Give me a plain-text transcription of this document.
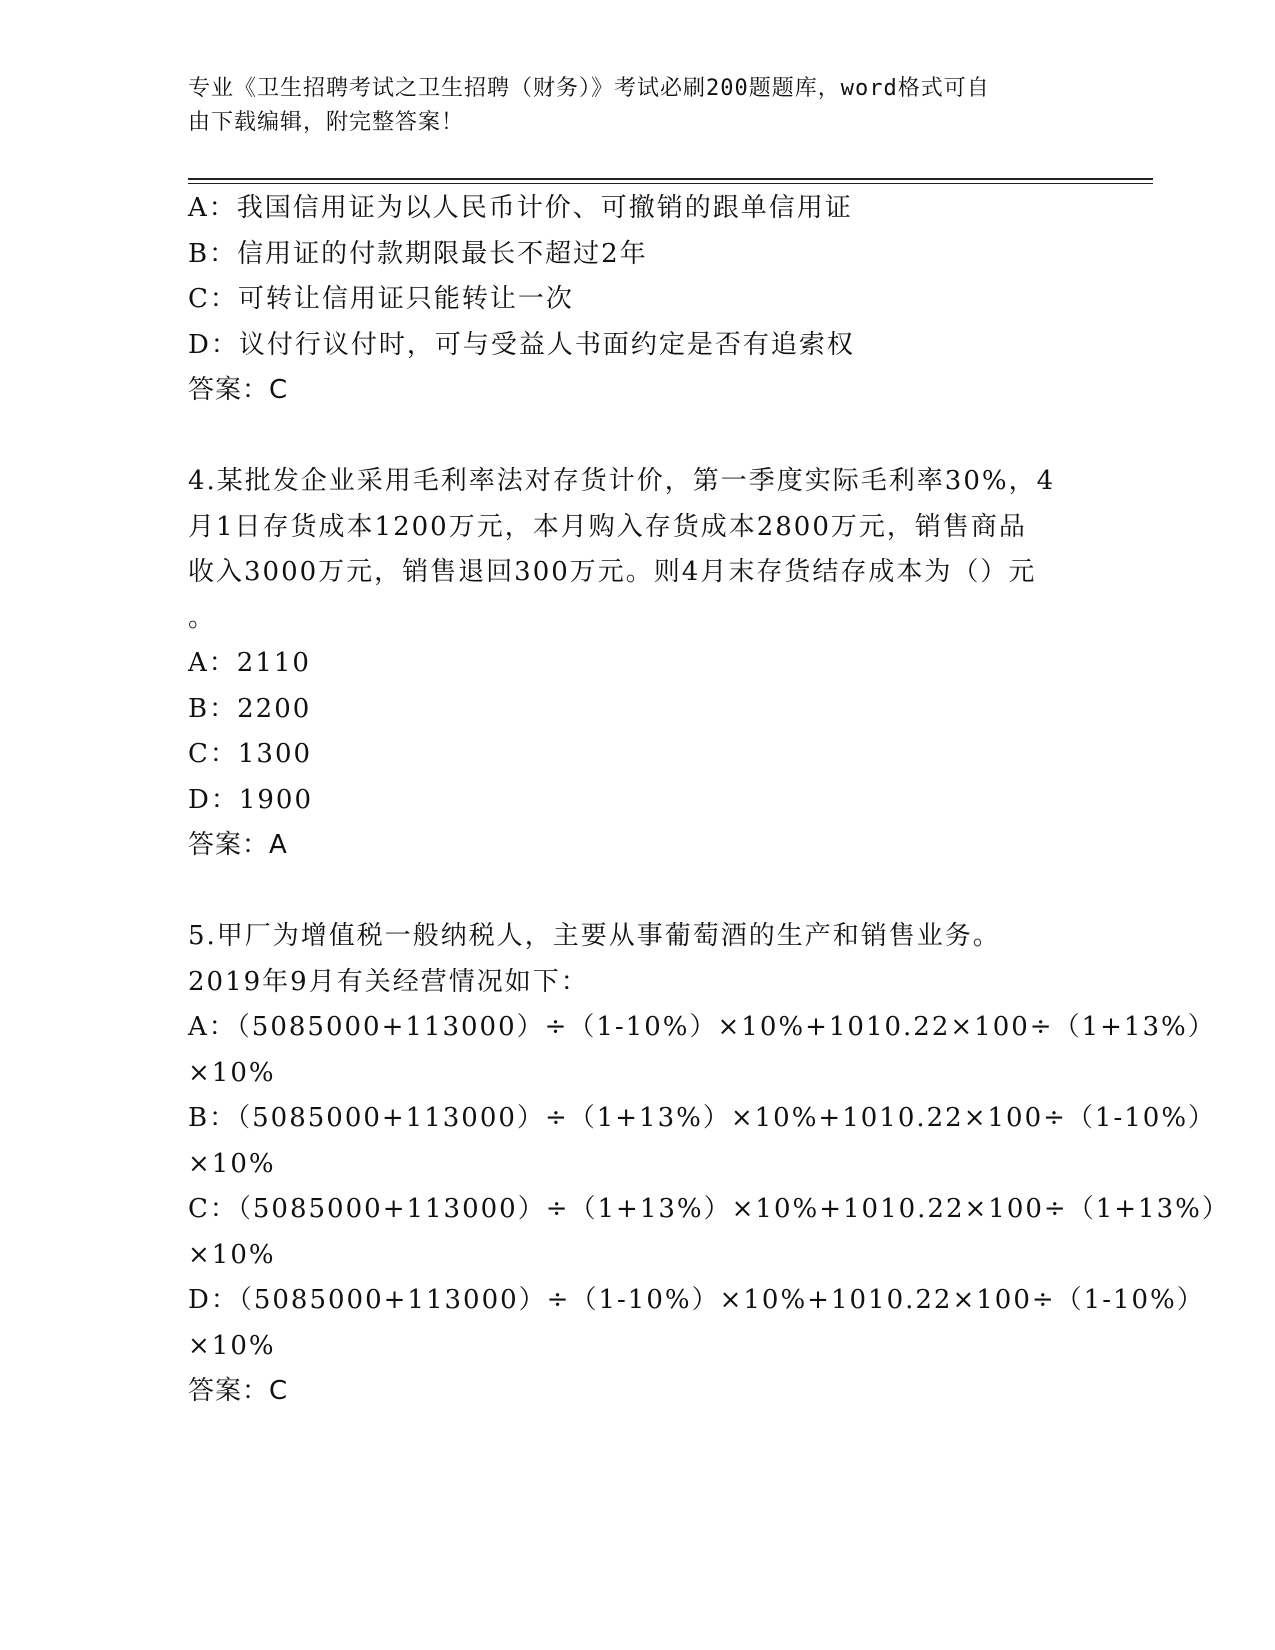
专业《卫生招聘考试之卫生招聘（财务）》考试必刷200题题库，word格式可自
由下载编辑，附完整答案！
A：我国信用证为以人民币计价、可撤销的跟单信用证
B：信用证的付款期限最长不超过2年
C：可转让信用证只能转让一次
D：议付行议付时，可与受益人书面约定是否有追索权
答案：C
4.某批发企业采用毛利率法对存货计价，第一季度实际毛利率30%，4
月1日存货成本1200万元，本月购入存货成本2800万元，销售商品
收入3000万元，销售退回300万元。则4月末存货结存成本为（）元
。
A：2110
B：2200
C：1300
D：1900
答案：A
5.甲厂为增值税一般纳税人，主要从事葡萄酒的生产和销售业务。
2019年9月有关经营情况如下：
A：（5085000+113000）÷（1-10%）×10%+1010.22×100÷（1+13%）
×10%
B：（5085000+113000）÷（1+13%）×10%+1010.22×100÷（1-10%）
×10%
C：（5085000+113000）÷（1+13%）×10%+1010.22×100÷（1+13%）
×10%
D：（5085000+113000）÷（1-10%）×10%+1010.22×100÷（1-10%）
×10%
答案：C
